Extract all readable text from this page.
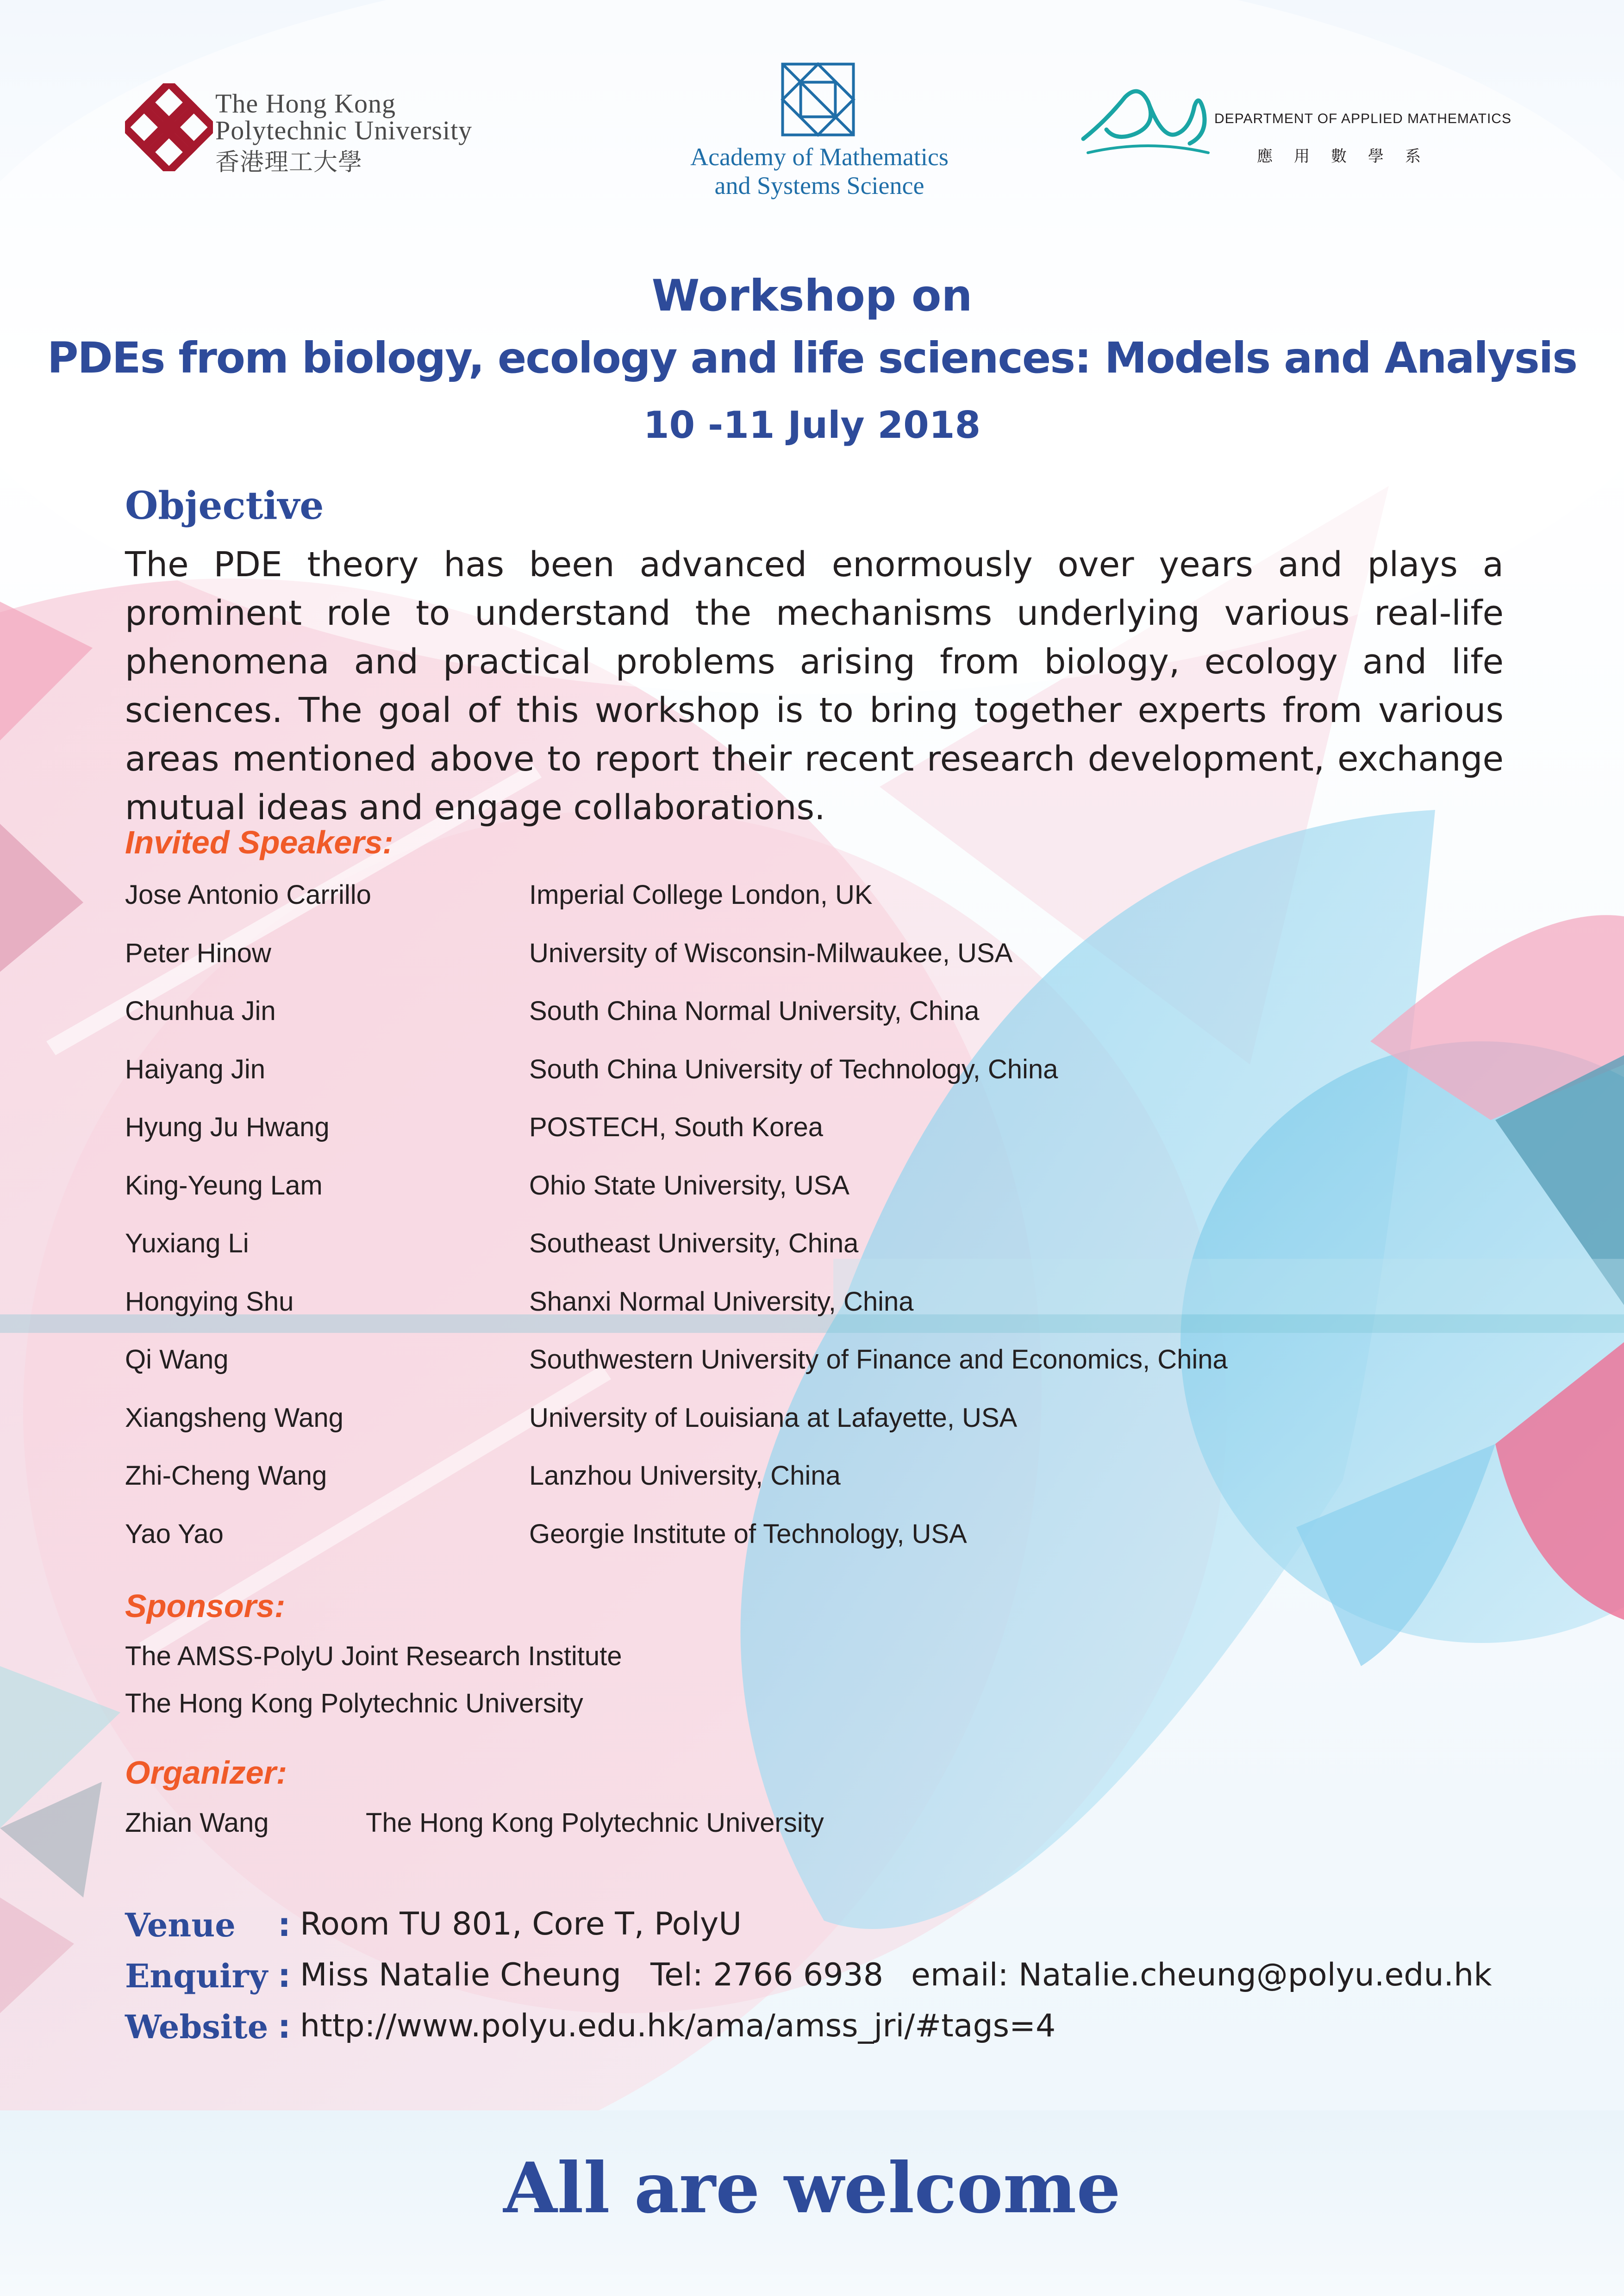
The Hong Kong
Polytechnic University
香港理工大學	Academy of Mathematics
and Systems Science
DEPARTMENT OF APPLIED MATHEMATICS
應用數學系
Workshop on
PDEs from biology, ecology and life sciences: Models and Analysis
10 -11 July 2018
Objective
The PDE theory has been advanced enormously over years and plays a prominent role to understand the mechanisms underlying various real-life phenomena and practical problems arising from biology, ecology and life sciences. The goal of this workshop is to bring together experts from various areas mentioned above to report their recent research development, exchange mutual ideas and engage collaborations.
Invited Speakers:
Jose Antonio Carrillo	Imperial College London, UK
Peter Hinow	University of Wisconsin-Milwaukee, USA
Chunhua Jin	South China Normal University, China
Haiyang Jin	South China University of Technology, China
Hyung Ju Hwang	POSTECH, South Korea
King-Yeung Lam	Ohio State University, USA
Yuxiang Li	Southeast University, China
Hongying Shu	Shanxi Normal University, China
Qi Wang	Southwestern University of Finance and Economics, China
Xiangsheng Wang	University of Louisiana at Lafayette, USA
Zhi-Cheng Wang	Lanzhou University, China
Yao Yao	Georgie Institute of Technology, USA
Sponsors:
The AMSS-PolyU Joint Research Institute
The Hong Kong Polytechnic University
Organizer:
Zhian Wang	The Hong Kong Polytechnic University
Venue : Room TU 801, Core T, PolyU
Enquiry : Miss Natalie Cheung Tel: 2766 6938 email: Natalie.cheung@polyu.edu.hk
Website : http://www.polyu.edu.hk/ama/amss_jri/#tags=4
All are welcome
